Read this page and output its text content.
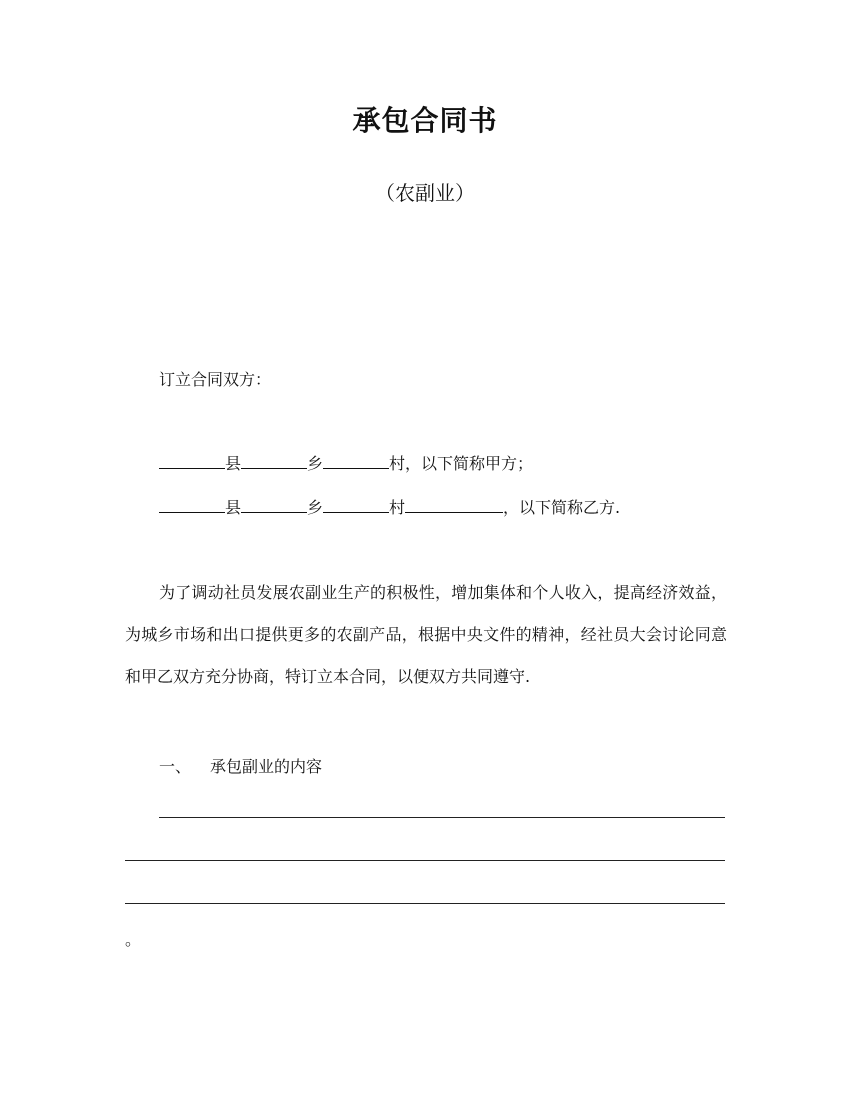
承包合同书
（农副业）
订立合同双方：
县	乡	村，以下简称甲方；
县	乡	村	，以下简称乙方.
为了调动社员发展农副业生产的积极性，增加集体和个人收入，提高经济效益，为城乡市场和出口提供更多的农副产品，根据中央文件的精神，经社员大会讨论同意和甲乙双方充分协商，特订立本合同，以便双方共同遵守.
一、 承包副业的内容
。
